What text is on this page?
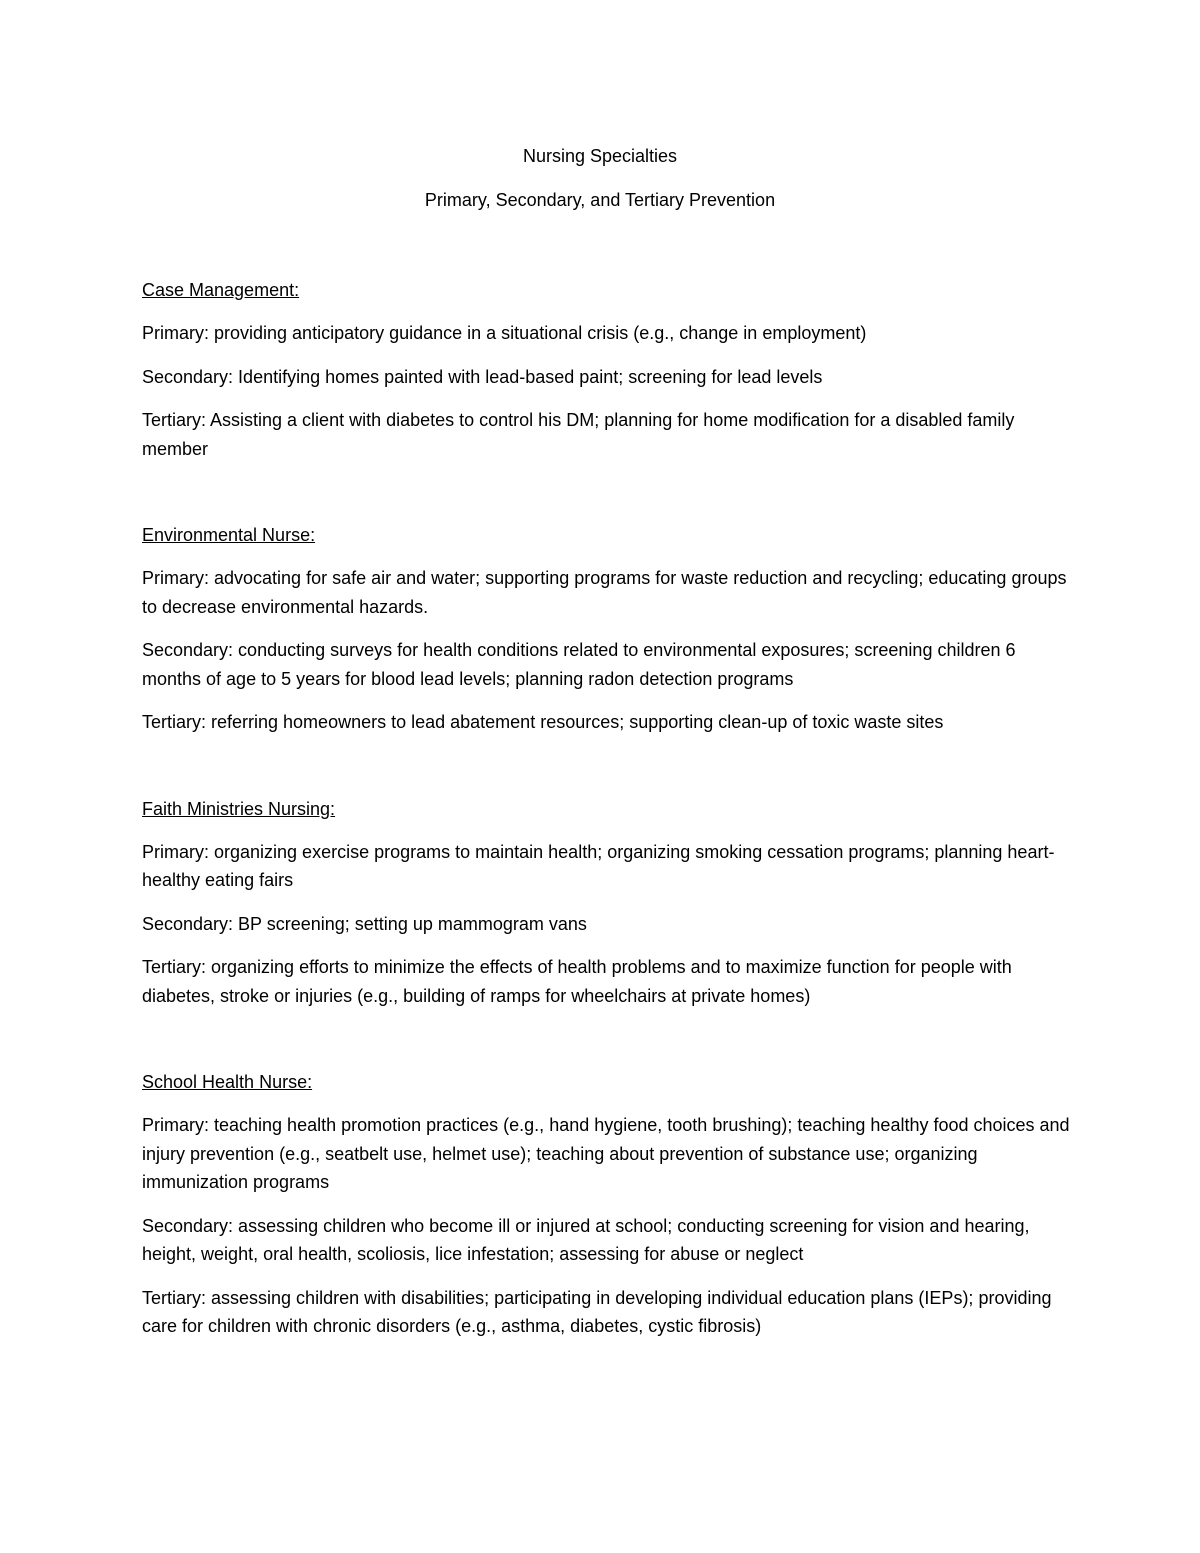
Nursing Specialties
Primary, Secondary, and Tertiary Prevention
Case Management:

Primary: providing anticipatory guidance in a situational crisis (e.g., change in employment)

Secondary: Identifying homes painted with lead-based paint; screening for lead levels

Tertiary: Assisting a client with diabetes to control his DM; planning for home modification for a disabled family member

Environmental Nurse:

Primary: advocating for safe air and water; supporting programs for waste reduction and recycling; educating groups to decrease environmental hazards.

Secondary: conducting surveys for health conditions related to environmental exposures; screening children 6 months of age to 5 years for blood lead levels; planning radon detection programs

Tertiary: referring homeowners to lead abatement resources; supporting clean-up of toxic waste sites

Faith Ministries Nursing:

Primary: organizing exercise programs to maintain health; organizing smoking cessation programs; planning heart-healthy eating fairs

Secondary: BP screening; setting up mammogram vans

Tertiary: organizing efforts to minimize the effects of health problems and to maximize function for people with diabetes, stroke or injuries (e.g., building of ramps for wheelchairs at private homes)

School Health Nurse:

Primary: teaching health promotion practices (e.g., hand hygiene, tooth brushing); teaching healthy food choices and injury prevention (e.g., seatbelt use, helmet use); teaching about prevention of substance use; organizing immunization programs

Secondary: assessing children who become ill or injured at school; conducting screening for vision and hearing, height, weight, oral health, scoliosis, lice infestation; assessing for abuse or neglect

Tertiary: assessing children with disabilities; participating in developing individual education plans (IEPs); providing care for children with chronic disorders (e.g., asthma, diabetes, cystic fibrosis)
